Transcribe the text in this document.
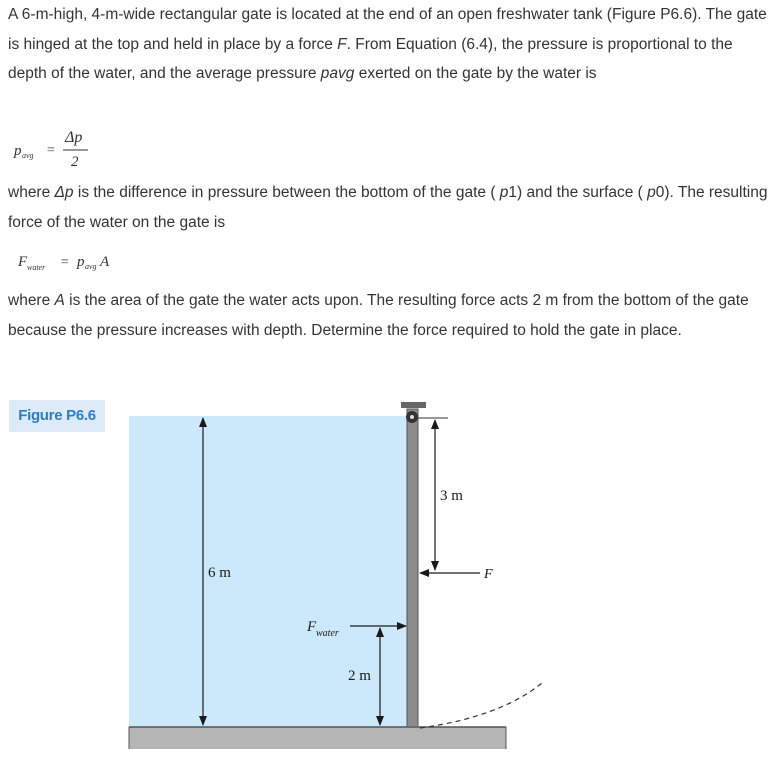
A 6-m-high, 4-m-wide rectangular gate is located at the end of an open freshwater tank (Figure P6.6). The gate is hinged at the top and held in place by a force F. From Equation (6.4), the pressure is proportional to the depth of the water, and the average pressure pavg exerted on the gate by the water is

p avg =
Δp
2

where Δp is the difference in pressure between the bottom of the gate ( p1) and the surface ( p0). The resulting force of the water on the gate is

F water = p avg A

where A is the area of the gate the water acts upon. The resulting force acts 2 m from the bottom of the gate because the pressure increases with depth. Determine the force required to hold the gate in place.

Figure P6.6
6 m
3 m
F
F water
2 m
